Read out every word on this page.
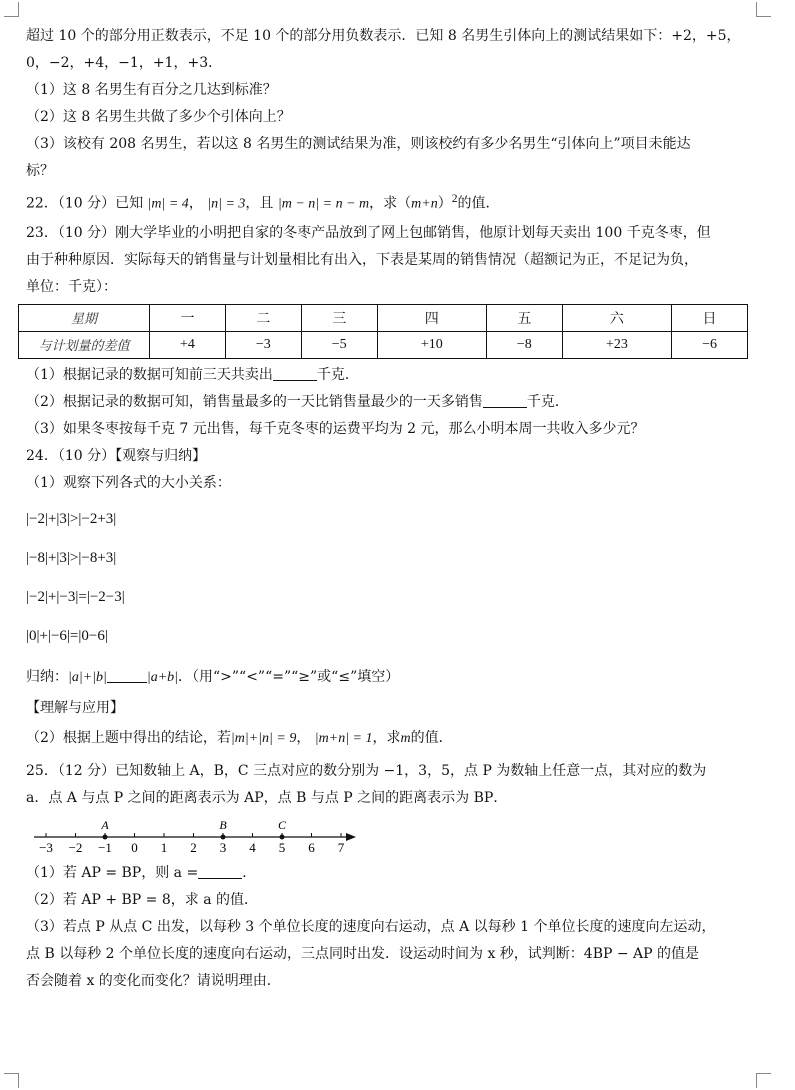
超过 10 个的部分用正数表示，不足 10 个的部分用负数表示．已知 8 名男生引体向上的测试结果如下：+2，+5，
0，−2，+4，−1，+1，+3．
（1）这 8 名男生有百分之几达到标准？
（2）这 8 名男生共做了多少个引体向上？
（3）该校有 208 名男生，若以这 8 名男生的测试结果为准，则该校约有多少名男生“引体向上”项目未能达
标？
22．（10 分）已知 |m| = 4， |n| = 3，且 |m − n| = n − m，求$(m+n)^2$的值．
23．（10 分）刚大学毕业的小明把自家的冬枣产品放到了网上包邮销售，他原计划每天卖出 100 千克冬枣，但
由于种种原因．实际每天的销售量与计划量相比有出入，下表是某周的销售情况（超额记为正，不足记为负，
单位：千克）：
星期	一	二	三	四	五	六	日
与计划量的差值	+4	−3	−5	+10	−8	+23	−6
（1）根据记录的数据可知前三天共卖出	千克．
（2）根据记录的数据可知，销售量最多的一天比销售量最少的一天多销售	千克．
（3）如果冬枣按每千克 7 元出售，每千克冬枣的运费平均为 2 元，那么小明本周一共收入多少元？
24．（10 分）【观察与归纳】
（1）观察下列各式的大小关系：
|−2|+|3|>|−2+3|
|−8|+|3|>|−8+3|
|−2|+|−3|=|−2−3|
|0|+|−6|=|0−6|
归纳：|a|+|b|	|a+b|．（用“>”“<”“=”“≥”或“≤”填空）
【理解与应用】
（2）根据上题中得出的结论，若|m|+|n| = 9， |m+n| = 1，求m的值．
25．（12 分）已知数轴上 A，B，C 三点对应的数分别为 −1，3，5，点 P 为数轴上任意一点，其对应的数为
a．点 A 与点 P 之间的距离表示为 AP，点 B 与点 P 之间的距离表示为 BP．
−3 −2 −1 0 1 2 3 4 5 6 7
A	B	C
（1）若 AP = BP，则 a =	．
（2）若 AP + BP = 8，求 a 的值．
（3）若点 P 从点 C 出发，以每秒 3 个单位长度的速度向右运动，点 A 以每秒 1 个单位长度的速度向左运动，
点 B 以每秒 2 个单位长度的速度向右运动，三点同时出发．设运动时间为 x 秒，试判断：4BP − AP 的值是
否会随着 x 的变化而变化？请说明理由．
